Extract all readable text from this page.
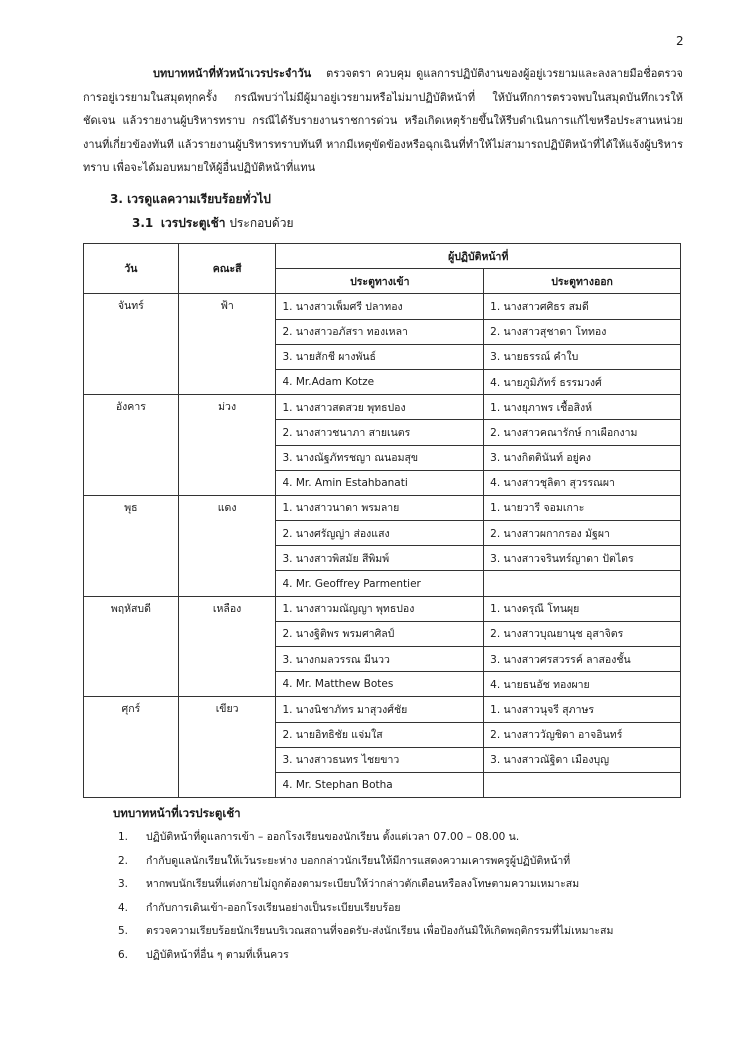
2

บทบาทหน้าที่หัวหน้าเวรประจำวัน ตรวจตรา ควบคุม ดูแลการปฏิบัติงานของผู้อยู่เวรยามและลงลายมือชื่อตรวจการอยู่เวรยามในสมุดทุกครั้ง กรณีพบว่าไม่มีผู้มาอยู่เวรยามหรือไม่มาปฏิบัติหน้าที่ ให้บันทึกการตรวจพบในสมุดบันทึกเวรให้ชัดเจน แล้วรายงานผู้บริหารทราบ กรณีได้รับรายงานราชการด่วน หรือเกิดเหตุร้ายขึ้นให้รีบดำเนินการแก้ไขหรือประสานหน่วยงานที่เกี่ยวข้องทันที แล้วรายงานผู้บริหารทราบทันที หากมีเหตุขัดข้องหรือฉุกเฉินที่ทำให้ไม่สามารถปฏิบัติหน้าที่ได้ให้แจ้งผู้บริหารทราบ เพื่อจะได้มอบหมายให้ผู้อื่นปฏิบัติหน้าที่แทน

3. เวรดูแลความเรียบร้อยทั่วไป

3.1 เวรประตูเช้า ประกอบด้วย

วัน	คณะสี	ผู้ปฏิบัติหน้าที่	
		ประตูทางเข้า	ประตูทางออก
จันทร์	ฟ้า	1. นางสาวเพ็มศรี ปลาทอง	1. นางสาวศศิธร สมดี
		2. นางสาวอภัสรา ทองเหลา	2. นางสาวสุชาดา โททอง
		3. นายสักชี ผางพันธ์	3. นายธรรณ์ คำใบ
		4. Mr.Adam Kotze	4. นายภูมิภัทร์ ธรรมวงศ์
อังคาร	ม่วง	1. นางสาวสดสวย พุทธปอง	1. นางยุภาพร เชื้อสิงห์
		2. นางสาวชนาภา สายเนตร	2. นางสาวคณารักษ์ กาเผือกงาม
		3. นางณัฐภัทรชญา ณนอมสุข	3. นางกิตตินันท์ อยู่คง
		4. Mr. Amin Estahbanati	4. นางสาวชุลิตา สุวรรณผา
พุธ	แดง	1. นางสาวนาดา พรมลาย	1. นายวารี จอมเกาะ
		2. นางศรัญญ่า ส่องแสง	2. นางสาวผกากรอง มัฐผา
		3. นางสาวพิสมัย สีพิมพ์	3. นางสาวจรินทร์ญาดา ปัตไตร
		4. Mr. Geoffrey Parmentier	
พฤหัสบดี	เหลือง	1. นางสาวมณัญญา พุทธปอง	1. นางดรุณี โทนผุย
		2. นางฐิติพร พรมศาศิลป์	2. นางสาวบุณยานุช อุสาจิตร
		3. นางกมลวรรณ มีนวว	3. นางสาวศรสวรรค์ ลาสองชั้น
		4. Mr. Matthew Botes	4. นายธนอัช ทองผาย
ศุกร์	เขียว	1. นางนิชาภัทร มาสุวงศ์ชัย	1. นางสาวนุจรี สุภาษร
		2. นายอิทธิชัย แจ่มใส	2. นางสาววัญชิดา อาจอินทร์
		3. นางสาวธนทร ไชยขาว	3. นางสาวณัฐิดา เมืองบุญ
		4. Mr. Stephan Botha	

บทบาทหน้าที่เวรประตูเช้า

1.	ปฏิบัติหน้าที่ดูแลการเข้า – ออกโรงเรียนของนักเรียน ตั้งแต่เวลา 07.00 – 08.00 น.
2.	กำกับดูแลนักเรียนให้เว้นระยะห่าง บอกกล่าวนักเรียนให้มีการแสดงความเคารพครูผู้ปฏิบัติหน้าที่
3.	หากพบนักเรียนที่แต่งกายไม่ถูกต้องตามระเบียบให้ว่ากล่าวตักเตือนหรือลงโทษตามความเหมาะสม
4.	กำกับการเดินเข้า-ออกโรงเรียนอย่างเป็นระเบียบเรียบร้อย
5.	ตรวจความเรียบร้อยนักเรียนบริเวณสถานที่จอดรับ-ส่งนักเรียน เพื่อป้องกันมิให้เกิดพฤติกรรมที่ไม่เหมาะสม
6.	ปฏิบัติหน้าที่อื่น ๆ ตามที่เห็นควร
